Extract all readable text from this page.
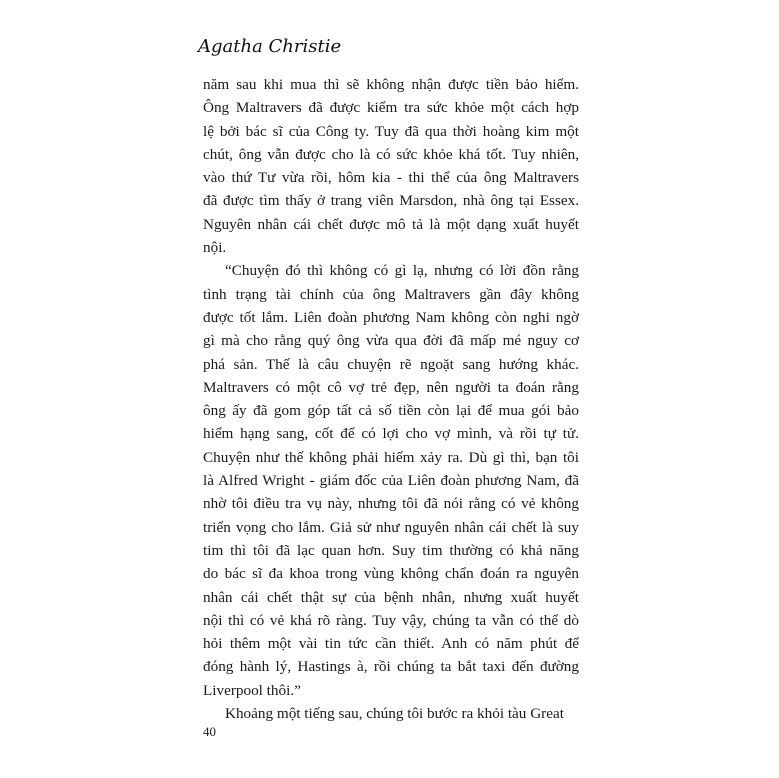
Agatha Christie

năm sau khi mua thì sẽ không nhận được tiền bảo hiểm.
Ông Maltravers đã được kiểm tra sức khỏe một cách hợp
lệ bởi bác sĩ của Công ty. Tuy đã qua thời hoàng kim một
chút, ông vẫn được cho là có sức khỏe khá tốt. Tuy nhiên,
vào thứ Tư vừa rồi, hôm kia - thi thể của ông Maltravers
đã được tìm thấy ở trang viên Marsdon, nhà ông tại Essex.
Nguyên nhân cái chết được mô tả là một dạng xuất huyết
nội.

“Chuyện đó thì không có gì lạ, nhưng có lời đồn rằng
tình trạng tài chính của ông Maltravers gần đây không
được tốt lắm. Liên đoàn phương Nam không còn nghi ngờ
gì mà cho rằng quý ông vừa qua đời đã mấp mé nguy cơ
phá sản. Thế là câu chuyện rẽ ngoặt sang hướng khác.
Maltravers có một cô vợ trẻ đẹp, nên người ta đoán rằng
ông ấy đã gom góp tất cả số tiền còn lại để mua gói bảo
hiểm hạng sang, cốt để có lợi cho vợ mình, và rồi tự tử.
Chuyện như thế không phải hiếm xảy ra. Dù gì thì, bạn tôi
là Alfred Wright - giám đốc của Liên đoàn phương Nam, đã
nhờ tôi điều tra vụ này, nhưng tôi đã nói rằng có vẻ không
triển vọng cho lắm. Giả sử như nguyên nhân cái chết là suy
tim thì tôi đã lạc quan hơn. Suy tim thường có khả năng
do bác sĩ đa khoa trong vùng không chẩn đoán ra nguyên
nhân cái chết thật sự của bệnh nhân, nhưng xuất huyết
nội thì có vẻ khá rõ ràng. Tuy vậy, chúng ta vẫn có thể dò
hỏi thêm một vài tin tức cần thiết. Anh có năm phút để
đóng hành lý, Hastings à, rồi chúng ta bắt taxi đến đường
Liverpool thôi.”

Khoảng một tiếng sau, chúng tôi bước ra khỏi tàu Great

40
